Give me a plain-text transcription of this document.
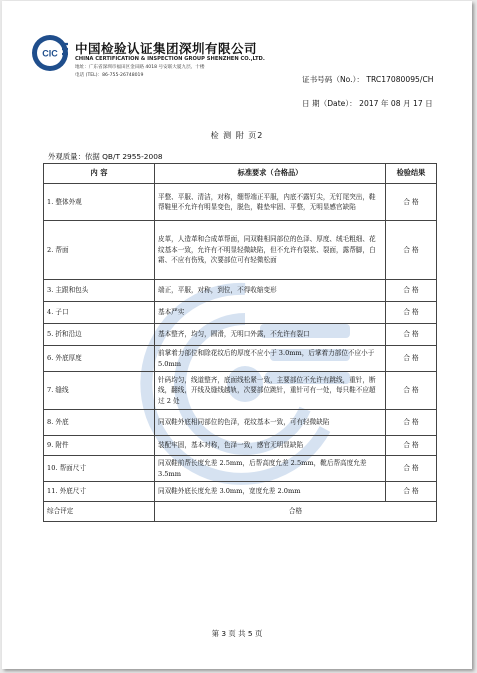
CIC 中国检验认证集团深圳有限公司
CHINA CERTIFICATION & INSPECTION GROUP SHENZHEN CO.,LTD.
地址：广东省深圳市福田区金田路 4018 号安联大厦九层、十楼
电话 (TEL)：86-755-26748019	证书号码（No.）： TRC17080095/CH
日 期（Date）： 2017 年 08 月 17 日
检 测 附 页2
外观质量：依据 QB/T 2955-2008
内 容	标准要求（合格品）	检验结果
1. 整体外观	平整、平服、清洁，对称，绷帮端正平服，内底不露钉尖，无钉尾突出，鞋帮鞋里不允许有明显变色，脱色，鞋垫牢固、平整，无明显感官缺陷	合 格
2. 帮面	皮革，人造革和合成革帮面，同双鞋相同部位的色泽、厚度、绒毛粗细、花纹基本一致，允许有不明显轻微缺陷，但不允许有裂浆、裂面，露帮脚，白霜、不应有伤残，次要部位可有轻微松面	合 格
3. 主跟和包头	端正，平服，对称，到位，不得收缩变形	合 格
4. 子口	基本严实	合 格
5. 折和沿边	基本整齐，均匀，圆滑，无明口外露，不允许有裂口	合 格
6. 外底厚度	前掌着力部位和除花纹后的厚度不应小于 3.0mm，后掌着力部位不应小于 5.0mm	合 格
7. 缝线	针码均匀，线道整齐，底面线松紧一致，主要部位不允许有跳线，重针，断线，翻线，开线及缝线越轨，次要部位跳针，重针可有一处，每只鞋不应超过 2 处	合 格
8. 外底	同双鞋外底相同部位的色泽，花纹基本一致，可有轻微缺陷	合 格
9. 附件	装配牢固，基本对称，色泽一致，感官无明显缺陷	合 格
10. 帮面尺寸	同双鞋前帮长度允差 2.5mm，后帮高度允差 2.5mm，靴后帮高度允差 3.5mm	合 格
11. 外底尺寸	同双鞋外底长度允差 3.0mm，宽度允差 2.0mm	合 格
综合评定	合格	
第 3 页 共 5 页
